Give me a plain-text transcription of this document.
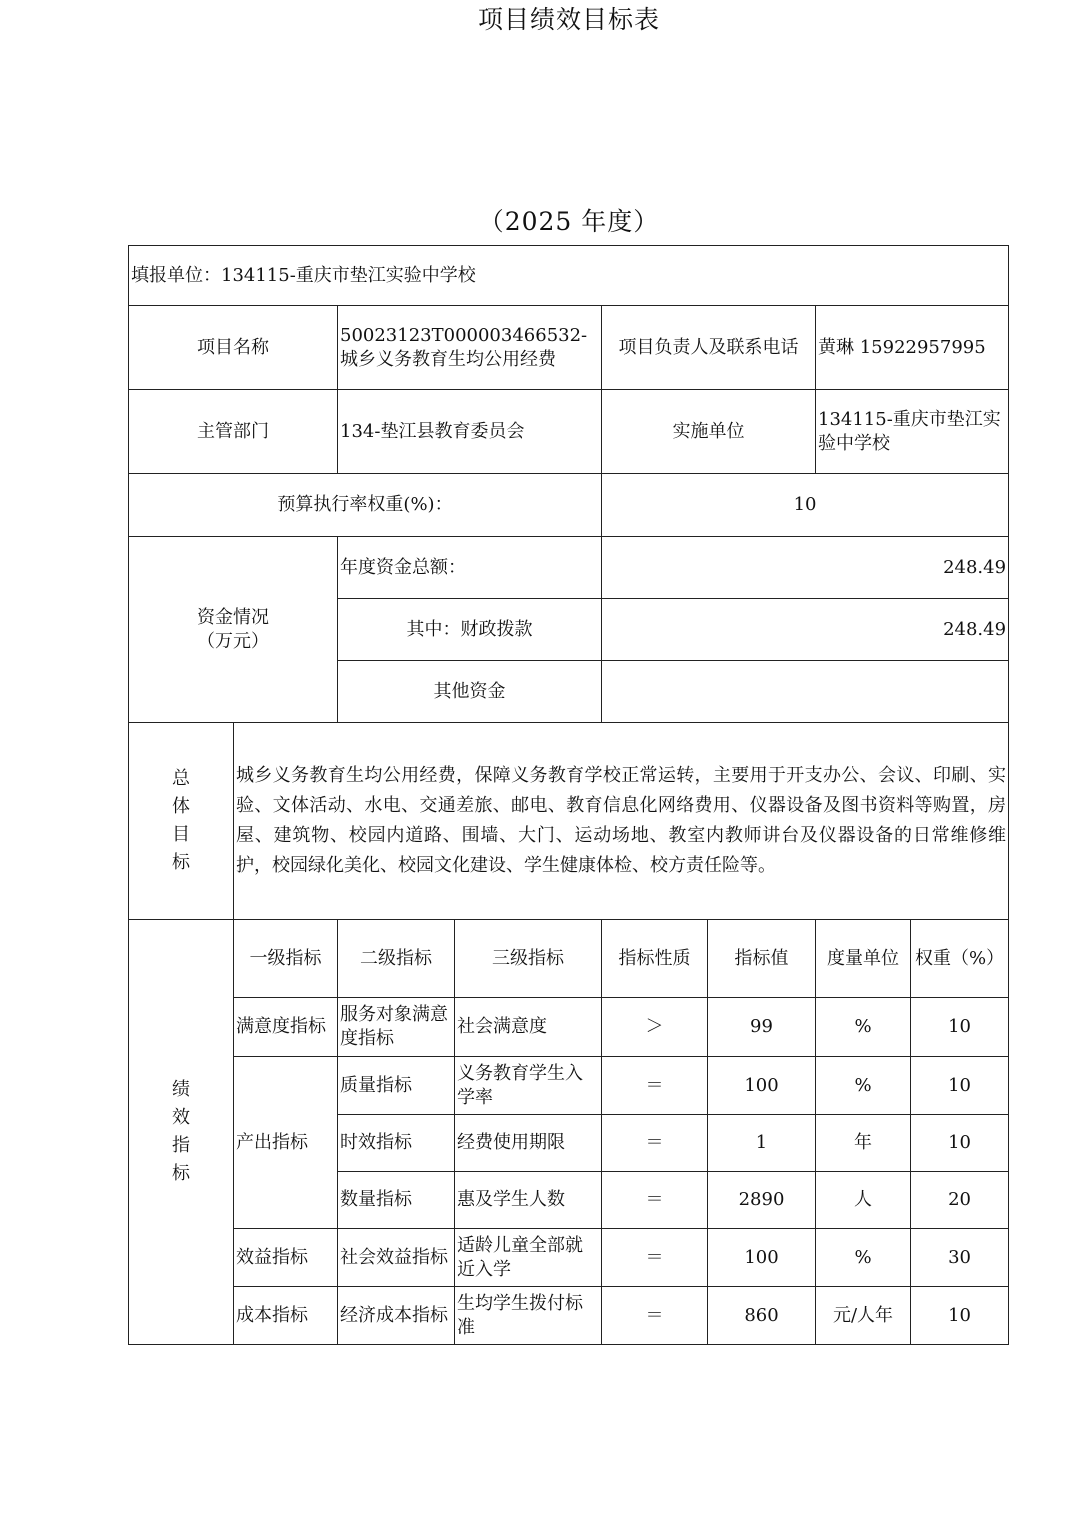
项目绩效目标表
（2025 年度）
填报单位：134115-重庆市垫江实验中学校							
项目名称		50023123T000003466532-城乡义务教育生均公用经费		项目负责人及联系电话		黄琳 15922957995	
主管部门		134-垫江县教育委员会		实施单位		134115-重庆市垫江实验中学校	
预算执行率权重(%)：				10			

资金情况
（万元）		年度资金总额：		248.49			
		其中：财政拨款		248.49			
		其他资金					

总
体
目
标	城乡义务教育生均公用经费，保障义务教育学校正常运转，主要用于开支办公、会议、印刷、实验、文体活动、水电、交通差旅、邮电、教育信息化网络费用、仪器设备及图书资料等购置，房屋、建筑物、校园内道路、围墙、大门、运动场地、教室内教师讲台及仪器设备的日常维修维护，校园绿化美化、校园文化建设、学生健康体检、校方责任险等。						

绩
效
指
标	一级指标	二级指标	三级指标	指标性质	指标值	度量单位	权重（%）
	满意度指标	服务对象满意度指标	社会满意度	＞	99	%	10
	产出指标	质量指标	义务教育学生入学率	＝	100	%	10
		时效指标	经费使用期限	＝	1	年	10
		数量指标	惠及学生人数	＝	2890	人	20
	效益指标	社会效益指标	适龄儿童全部就近入学	＝	100	%	30
	成本指标	经济成本指标	生均学生拨付标准	＝	860	元/人年	10
